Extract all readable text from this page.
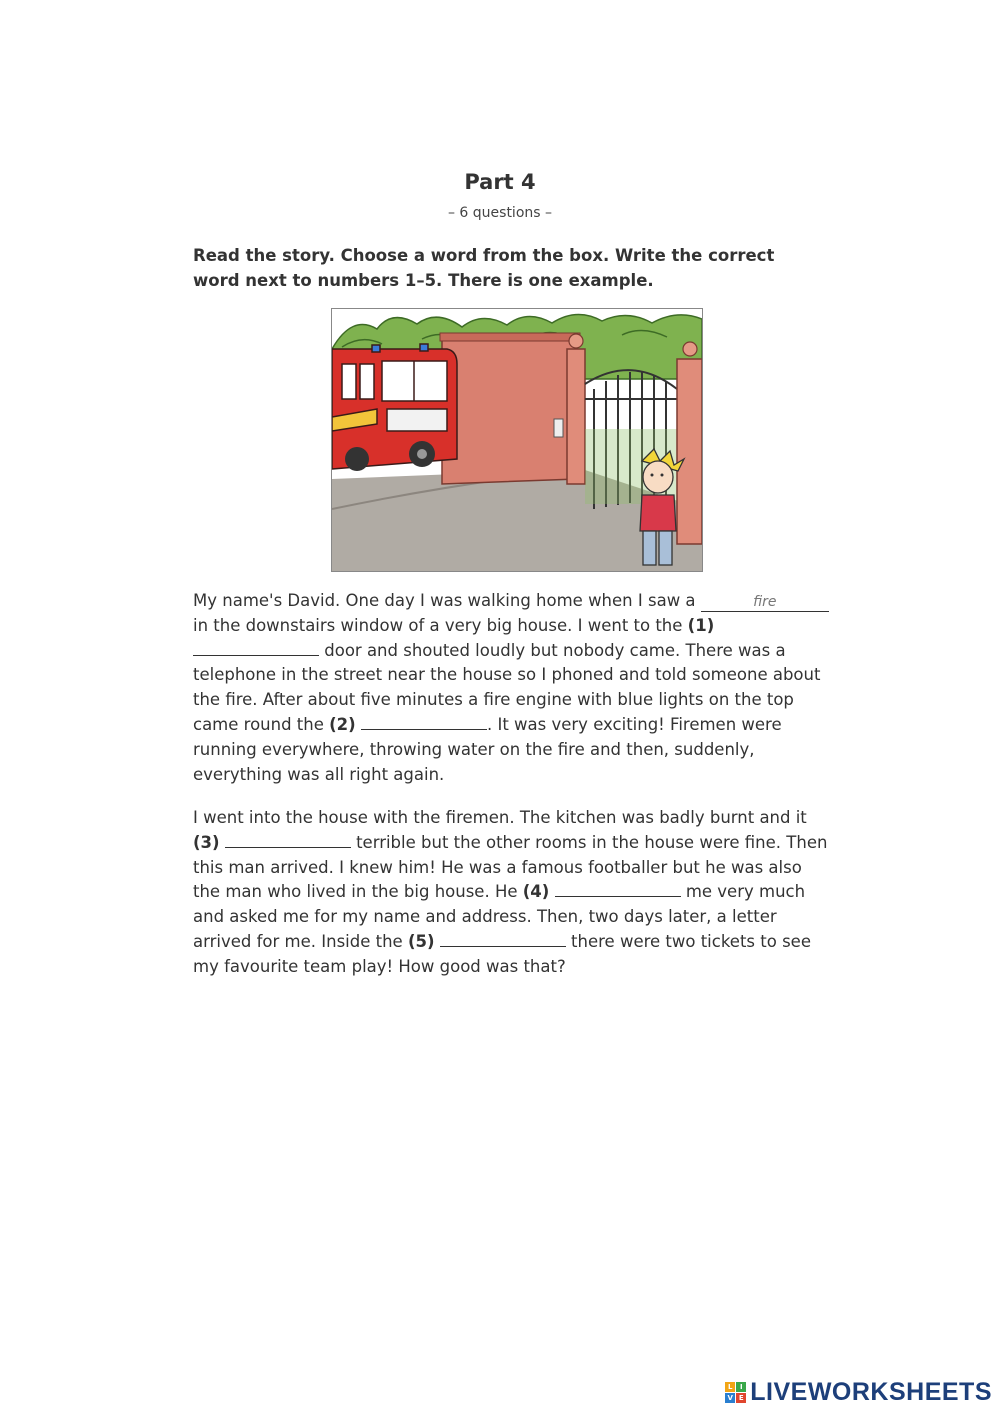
Part 4
– 6 questions –
Read the story. Choose a word from the box. Write the correct word next to numbers 1–5. There is one example.

My name's David. One day I was walking home when I saw a	fire in the downstairs window of a very big house. I went to the (1)  door and shouted loudly but nobody came. There was a telephone in the street near the house so I phoned and told someone about the fire. After about five minutes a fire engine with blue lights on the top came round the (2)	. It was very exciting! Firemen were running everywhere, throwing water on the fire and then, suddenly, everything was all right again.

I went into the house with the firemen. The kitchen was badly burnt and it (3)	terrible but the other rooms in the house were fine. Then this man arrived. I knew him! He was a famous footballer but he was also the man who lived in the big house. He (4)	me very much and asked me for my name and address. Then, two days later, a letter arrived for me. Inside the (5)	there were two tickets to see my favourite team play! How good was that?

L	I
V E LIVEWORKSHEETS
